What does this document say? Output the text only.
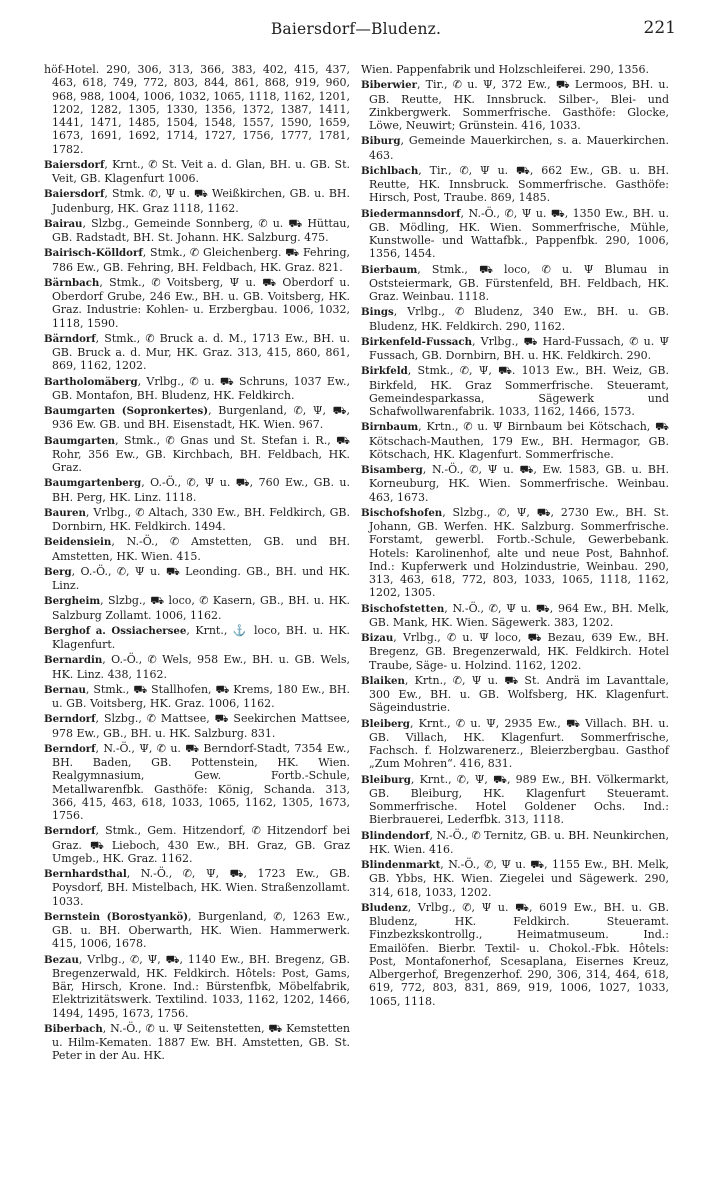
Baiersdorf—Bludenz.	221

höf-Hotel. 290, 306, 313, 366, 383, 402, 415, 437, 463, 618, 749, 772, 803, 844, 861, 868, 919, 960, 968, 988, 1004, 1006, 1032, 1065, 1118, 1162, 1201, 1202, 1282, 1305, 1330, 1356, 1372, 1387, 1411, 1441, 1471, 1485, 1504, 1548, 1557, 1590, 1659, 1673, 1691, 1692, 1714, 1727, 1756, 1777, 1781, 1782.

Baiersdorf, Krnt., ✆ St. Veit a. d. Glan, BH. u. GB. St. Veit, GB. Klagenfurt 1006.

Baiersdorf, Stmk. ✆, Ψ u. ⛟ Weißkirchen, GB. u. BH. Judenburg, HK. Graz 1118, 1162.

Bairau, Slzbg., Gemeinde Sonnberg, ✆ u. ⛟ Hüttau, GB. Radstadt, BH. St. Johann. HK. Salzburg. 475.

Bairisch-Kölldorf, Stmk., ✆ Gleichenberg. ⛟ Fehring, 786 Ew., GB. Fehring, BH. Feldbach, HK. Graz. 821.

Bärnbach, Stmk., ✆ Voitsberg, Ψ u. ⛟ Oberdorf u. Oberdorf Grube, 246 Ew., BH. u. GB. Voitsberg, HK. Graz. Industrie: Kohlen- u. Erzbergbau. 1006, 1032, 1118, 1590.

Bärndorf, Stmk., ✆ Bruck a. d. M., 1713 Ew., BH. u. GB. Bruck a. d. Mur, HK. Graz. 313, 415, 860, 861, 869, 1162, 1202.

Bartholomäberg, Vrlbg., ✆ u. ⛟ Schruns, 1037 Ew., GB. Montafon, BH. Bludenz, HK. Feldkirch.

Baumgarten (Sopronkertes), Burgenland, ✆, Ψ, ⛟, 936 Ew. GB. und BH. Eisenstadt, HK. Wien. 967.

Baumgarten, Stmk., ✆ Gnas und St. Stefan i. R., ⛟ Rohr, 356 Ew., GB. Kirchbach, BH. Feldbach, HK. Graz.

Baumgartenberg, O.-Ö., ✆, Ψ u. ⛟, 760 Ew., GB. u. BH. Perg, HK. Linz. 1118.

Bauren, Vrlbg., ✆ Altach, 330 Ew., BH. Feldkirch, GB. Dornbirn, HK. Feldkirch. 1494.

Beidensiein, N.-Ö., ✆ Amstetten, GB. und BH. Amstetten, HK. Wien. 415.

Berg, O.-Ö., ✆, Ψ u. ⛟ Leonding. GB., BH. und HK. Linz.

Bergheim, Slzbg., ⛟ loco, ✆ Kasern, GB., BH. u. HK. Salzburg Zollamt. 1006, 1162.

Berghof a. Ossiachersee, Krnt., ⚓ loco, BH. u. HK. Klagenfurt.

Bernardin, O.-Ö., ✆ Wels, 958 Ew., BH. u. GB. Wels, HK. Linz. 438, 1162.

Bernau, Stmk., ⛟ Stallhofen, ⛟ Krems, 180 Ew., BH. u. GB. Voitsberg, HK. Graz. 1006, 1162.

Berndorf, Slzbg., ✆ Mattsee, ⛟ Seekirchen Mattsee, 978 Ew., GB., BH. u. HK. Salzburg. 831.

Berndorf, N.-Ö., Ψ, ✆ u. ⛟ Berndorf-Stadt, 7354 Ew., BH. Baden, GB. Pottenstein, HK. Wien. Realgymnasium, Gew. Fortb.-Schule, Metallwarenfbk. Gasthöfe: König, Schanda. 313, 366, 415, 463, 618, 1033, 1065, 1162, 1305, 1673, 1756.

Berndorf, Stmk., Gem. Hitzendorf, ✆ Hitzendorf bei Graz. ⛟ Lieboch, 430 Ew., BH. Graz, GB. Graz Umgeb., HK. Graz. 1162.

Bernhardsthal, N.-Ö., ✆, Ψ, ⛟, 1723 Ew., GB. Poysdorf, BH. Mistelbach, HK. Wien. Straßenzollamt. 1033.

Bernstein (Borostyankö), Burgenland, ✆, 1263 Ew., GB. u. BH. Oberwarth, HK. Wien. Hammerwerk. 415, 1006, 1678.

Bezau, Vrlbg., ✆, Ψ, ⛟, 1140 Ew., BH. Bregenz, GB. Bregenzerwald, HK. Feldkirch. Hôtels: Post, Gams, Bär, Hirsch, Krone. Ind.: Bürstenfbk, Möbelfabrik, Elektrizitätswerk. Textilind. 1033, 1162, 1202, 1466, 1494, 1495, 1673, 1756.

Biberbach, N.-Ö., ✆ u. Ψ Seitenstetten, ⛟ Kemstetten u. Hilm-Kematen. 1887 Ew. BH. Amstetten, GB. St. Peter in der Au. HK.

Wien. Pappenfabrik und Holzschleiferei. 290, 1356.

Biberwier, Tir., ✆ u. Ψ, 372 Ew., ⛟ Lermoos, BH. u. GB. Reutte, HK. Innsbruck. Silber-, Blei- und Zinkbergwerk. Sommerfrische. Gasthöfe: Glocke, Löwe, Neuwirt; Grünstein. 416, 1033.

Biburg, Gemeinde Mauerkirchen, s. a. Mauerkirchen. 463.

Bichlbach, Tir., ✆, Ψ u. ⛟, 662 Ew., GB. u. BH. Reutte, HK. Innsbruck. Sommerfrische. Gasthöfe: Hirsch, Post, Traube. 869, 1485.

Biedermannsdorf, N.-Ö., ✆, Ψ u. ⛟, 1350 Ew., BH. u. GB. Mödling, HK. Wien. Sommerfrische, Mühle, Kunstwolle- und Wattafbk., Pappenfbk. 290, 1006, 1356, 1454.

Bierbaum, Stmk., ⛟ loco, ✆ u. Ψ Blumau in Oststeiermark, GB. Fürstenfeld, BH. Feldbach, HK. Graz. Weinbau. 1118.

Bings, Vrlbg., ✆ Bludenz, 340 Ew., BH. u. GB. Bludenz, HK. Feldkirch. 290, 1162.

Birkenfeld-Fussach, Vrlbg., ⛟ Hard-Fussach, ✆ u. Ψ Fussach, GB. Dornbirn, BH. u. HK. Feldkirch. 290.

Birkfeld, Stmk., ✆, Ψ, ⛟. 1013 Ew., BH. Weiz, GB. Birkfeld, HK. Graz Sommerfrische. Steueramt, Gemeindesparkassa, Sägewerk und Schafwollwarenfabrik. 1033, 1162, 1466, 1573.

Birnbaum, Krtn., ✆ u. Ψ Birnbaum bei Kötschach, ⛟ Kötschach-Mauthen, 179 Ew., BH. Hermagor, GB. Kötschach, HK. Klagenfurt. Sommerfrische.

Bisamberg, N.-Ö., ✆, Ψ u. ⛟, Ew. 1583, GB. u. BH. Korneuburg, HK. Wien. Sommerfrische. Weinbau. 463, 1673.

Bischofshofen, Slzbg., ✆, Ψ, ⛟, 2730 Ew., BH. St. Johann, GB. Werfen. HK. Salzburg. Sommerfrische. Forstamt, gewerbl. Fortb.-Schule, Gewerbebank. Hotels: Karolinenhof, alte und neue Post, Bahnhof. Ind.: Kupferwerk und Holzindustrie, Weinbau. 290, 313, 463, 618, 772, 803, 1033, 1065, 1118, 1162, 1202, 1305.

Bischofstetten, N.-Ö., ✆, Ψ u. ⛟, 964 Ew., BH. Melk, GB. Mank, HK. Wien. Sägewerk. 383, 1202.

Bizau, Vrlbg., ✆ u. Ψ loco, ⛟ Bezau, 639 Ew., BH. Bregenz, GB. Bregenzerwald, HK. Feldkirch. Hotel Traube, Säge- u. Holzind. 1162, 1202.

Blaiken, Krtn., ✆, Ψ u. ⛟ St. Andrä im Lavanttale, 300 Ew., BH. u. GB. Wolfsberg, HK. Klagenfurt. Sägeindustrie.

Bleiberg, Krnt., ✆ u. Ψ, 2935 Ew., ⛟ Villach. BH. u. GB. Villach, HK. Klagenfurt. Sommerfrische, Fachsch. f. Holzwarenerz., Bleierzbergbau. Gasthof „Zum Mohren“. 416, 831.

Bleiburg, Krnt., ✆, Ψ, ⛟, 989 Ew., BH. Völkermarkt, GB. Bleiburg, HK. Klagenfurt Steueramt. Sommerfrische. Hotel Goldener Ochs. Ind.: Bierbrauerei, Lederfbk. 313, 1118.

Blindendorf, N.-Ö., ✆ Ternitz, GB. u. BH. Neunkirchen, HK. Wien. 416.

Blindenmarkt, N.-Ö., ✆, Ψ u. ⛟, 1155 Ew., BH. Melk, GB. Ybbs, HK. Wien. Ziegelei und Sägewerk. 290, 314, 618, 1033, 1202.

Bludenz, Vrlbg., ✆, Ψ u. ⛟, 6019 Ew., BH. u. GB. Bludenz, HK. Feldkirch. Steueramt. Finzbezkskontrollg., Heimatmuseum. Ind.: Emailöfen. Bierbr. Textil- u. Chokol.-Fbk. Hôtels: Post, Montafonerhof, Scesaplana, Eisernes Kreuz, Albergerhof, Bregenzerhof. 290, 306, 314, 464, 618, 619, 772, 803, 831, 869, 919, 1006, 1027, 1033, 1065, 1118.
